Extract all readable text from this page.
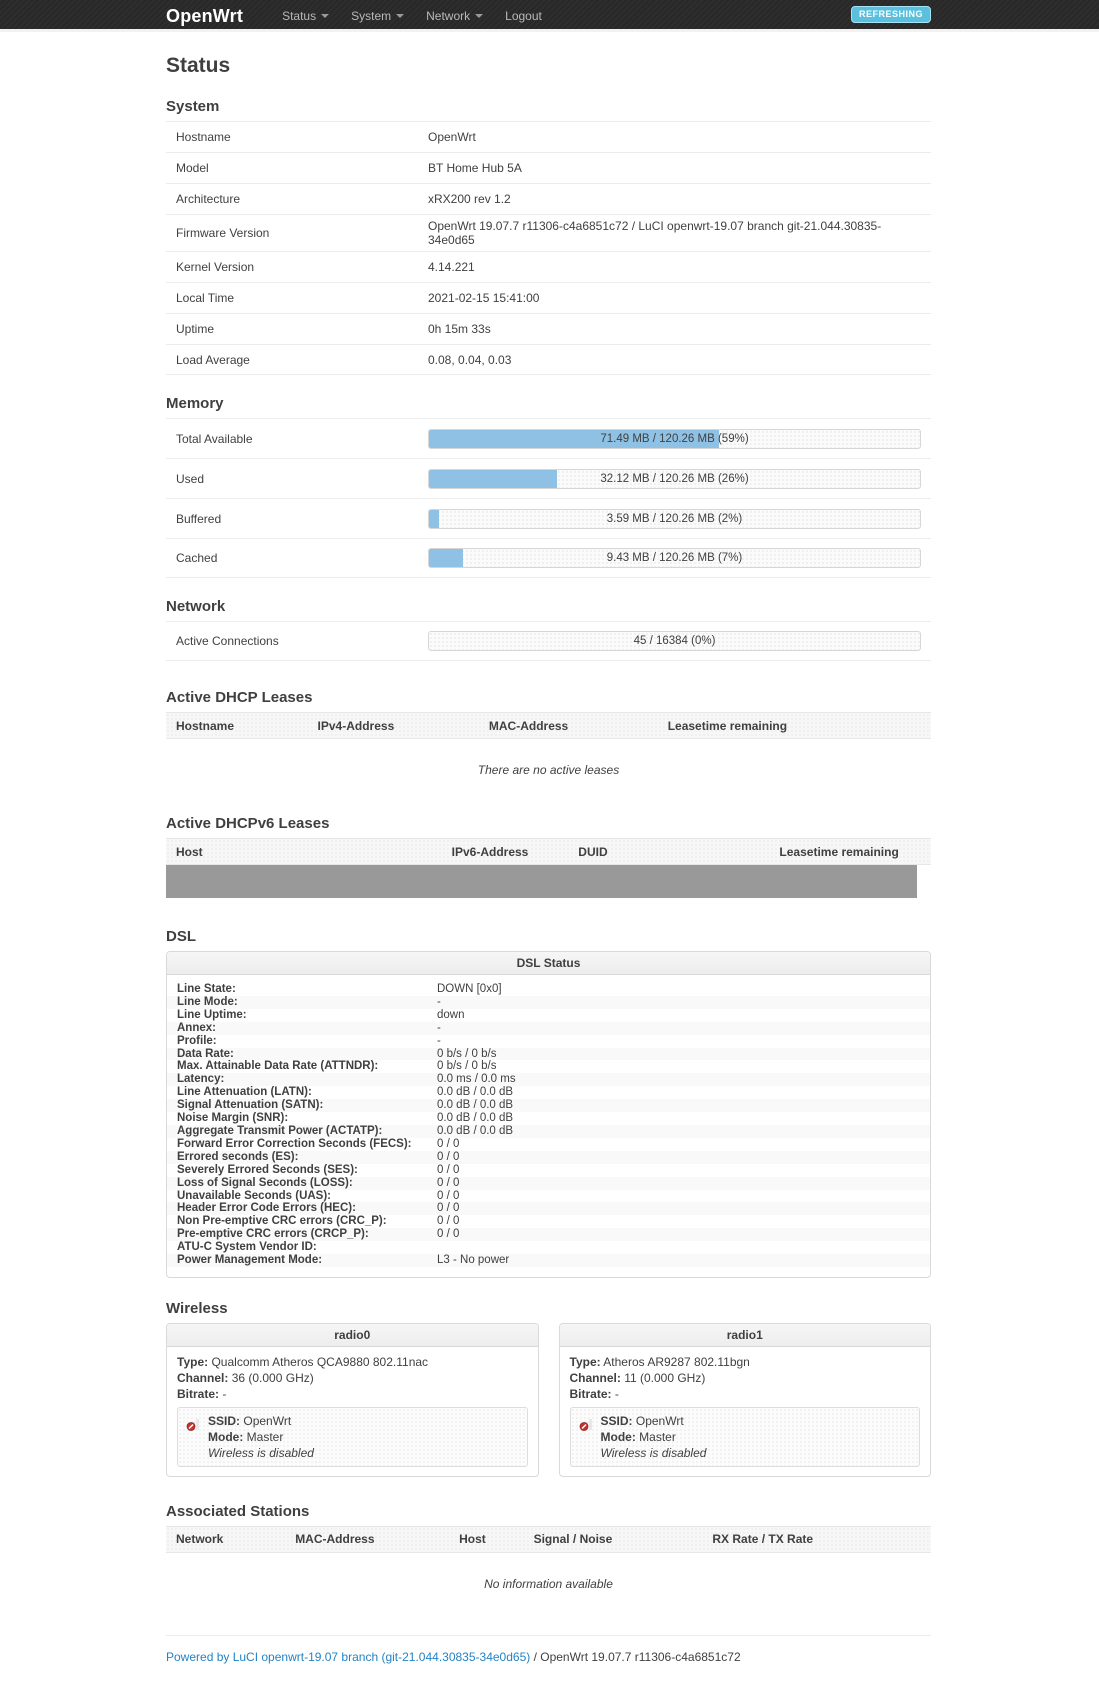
OpenWrt	Status	System	Network	Logout	REFRESHING
Status
System
Hostname	OpenWrt
Model	BT Home Hub 5A
Architecture	xRX200 rev 1.2
Firmware Version	OpenWrt 19.07.7 r11306-c4a6851c72 / LuCI openwrt-19.07 branch git-21.044.30835-34e0d65
Kernel Version	4.14.221
Local Time	2021-02-15 15:41:00
Uptime	0h 15m 33s
Load Average	0.08, 0.04, 0.03
Memory
Total Available	71.49 MB / 120.26 MB (59%)
Used	32.12 MB / 120.26 MB (26%)
Buffered	3.59 MB / 120.26 MB (2%)
Cached	9.43 MB / 120.26 MB (7%)
Network
Active Connections	45 / 16384 (0%)
Active DHCP Leases
Hostname	IPv4-Address	MAC-Address	Leasetime remaining
There are no active leases
Active DHCPv6 Leases
Host	IPv6-Address	DUID	Leasetime remaining
DSL
DSL Status
Line State:	DOWN [0x0]
Line Mode:	-
Line Uptime:	down
Annex:	-
Profile:	-
Data Rate:	0 b/s / 0 b/s
Max. Attainable Data Rate (ATTNDR):	0 b/s / 0 b/s
Latency:	0.0 ms / 0.0 ms
Line Attenuation (LATN):	0.0 dB / 0.0 dB
Signal Attenuation (SATN):	0.0 dB / 0.0 dB
Noise Margin (SNR):	0.0 dB / 0.0 dB
Aggregate Transmit Power (ACTATP):	0.0 dB / 0.0 dB
Forward Error Correction Seconds (FECS):	0 / 0
Errored seconds (ES):	0 / 0
Severely Errored Seconds (SES):	0 / 0
Loss of Signal Seconds (LOSS):	0 / 0
Unavailable Seconds (UAS):	0 / 0
Header Error Code Errors (HEC):	0 / 0
Non Pre-emptive CRC errors (CRC_P):	0 / 0
Pre-emptive CRC errors (CRCP_P):	0 / 0
ATU-C System Vendor ID:
Power Management Mode:	L3 - No power
Wireless
radio0
Type: Qualcomm Atheros QCA9880 802.11nac
Channel: 36 (0.000 GHz)
Bitrate: -
SSID: OpenWrt
Mode: Master
Wireless is disabled
radio1
Type: Atheros AR9287 802.11bgn
Channel: 11 (0.000 GHz)
Bitrate: -
SSID: OpenWrt
Mode: Master
Wireless is disabled
Associated Stations
Network	MAC-Address	Host	Signal / Noise	RX Rate / TX Rate
No information available
Powered by LuCI openwrt-19.07 branch (git-21.044.30835-34e0d65) / OpenWrt 19.07.7 r11306-c4a6851c72
